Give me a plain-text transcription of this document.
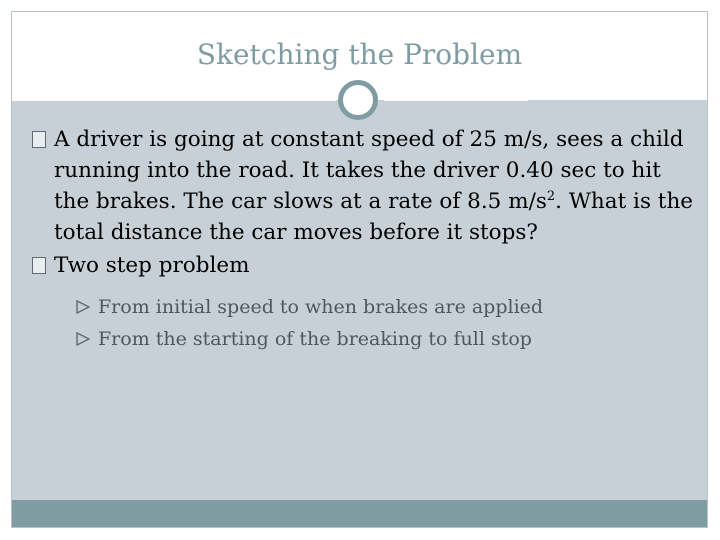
Sketching the Problem
A driver is going at constant speed of 25 m/s, sees a child running into the road. It takes the driver 0.40 sec to hit the brakes. The car slows at a rate of 8.5 $m/s^2$. What is the total distance the car moves before it stops?
Two step problem
From initial speed to when brakes are applied
From the starting of the breaking to full stop
